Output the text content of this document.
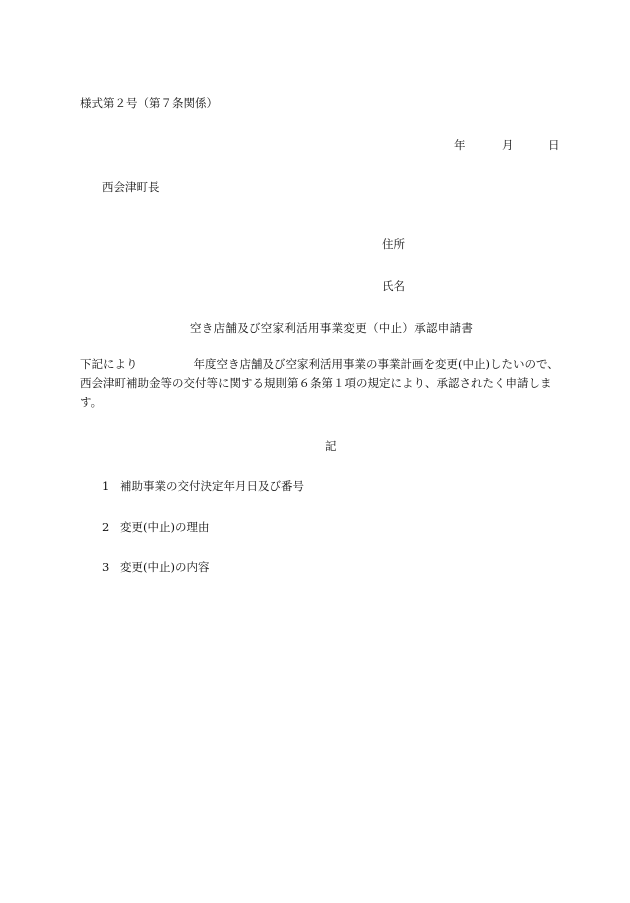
様式第２号（第７条関係）
年	月	日
西会津町長
住所
氏名
空き店舗及び空家利活用事業変更（中止）承認申請書
下記により	年度空き店舗及び空家利活用事業の事業計画を変更(中止)したいので、
西会津町補助金等の交付等に関する規則第６条第１項の規定により、承認されたく申請しま
す。
記
1 補助事業の交付決定年月日及び番号
2 変更(中止)の理由
3 変更(中止)の内容
